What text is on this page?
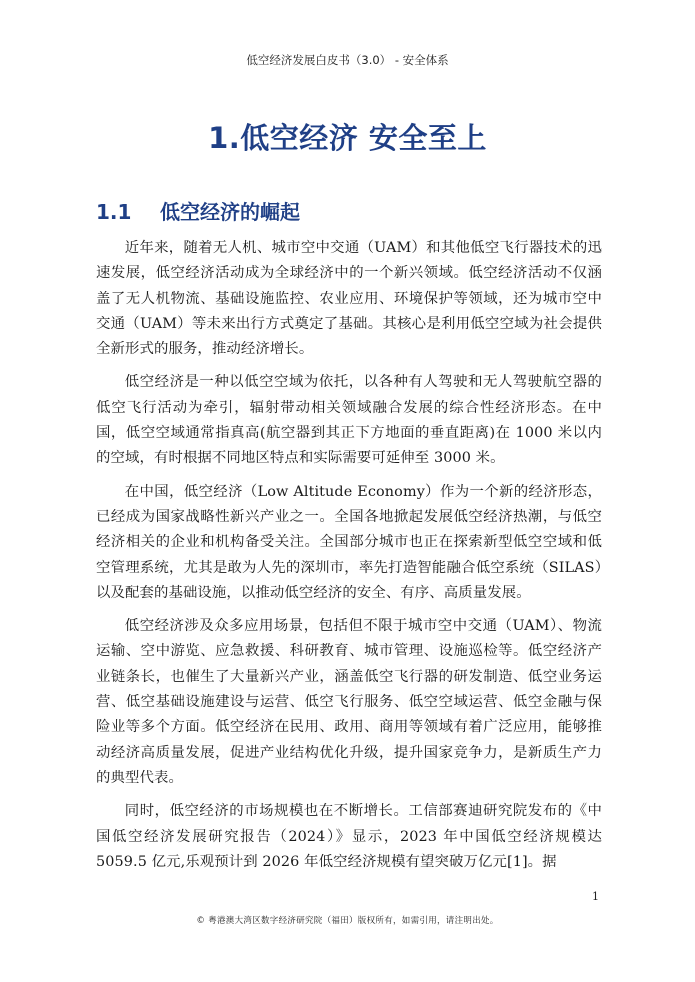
低空经济发展白皮书（3.0） - 安全体系
1.低空经济 安全至上
1.1 低空经济的崛起

近年来，随着无人机、城市空中交通（UAM）和其他低空飞行器技术的迅速发展，低空经济活动成为全球经济中的一个新兴领域。低空经济活动不仅涵盖了无人机物流、基础设施监控、农业应用、环境保护等领域，还为城市空中交通（UAM）等未来出行方式奠定了基础。其核心是利用低空空域为社会提供全新形式的服务，推动经济增长。

低空经济是一种以低空空域为依托，以各种有人驾驶和无人驾驶航空器的低空飞行活动为牵引，辐射带动相关领域融合发展的综合性经济形态。在中国，低空空域通常指真高(航空器到其正下方地面的垂直距离)在 1000 米以内的空域，有时根据不同地区特点和实际需要可延伸至 3000 米。

在中国，低空经济（Low Altitude Economy）作为一个新的经济形态，已经成为国家战略性新兴产业之一。全国各地掀起发展低空经济热潮，与低空经济相关的企业和机构备受关注。全国部分城市也正在探索新型低空空域和低空管理系统，尤其是敢为人先的深圳市，率先打造智能融合低空系统（SILAS）以及配套的基础设施，以推动低空经济的安全、有序、高质量发展。

低空经济涉及众多应用场景，包括但不限于城市空中交通（UAM）、物流运输、空中游览、应急救援、科研教育、城市管理、设施巡检等。低空经济产业链条长，也催生了大量新兴产业，涵盖低空飞行器的研发制造、低空业务运营、低空基础设施建设与运营、低空飞行服务、低空空域运营、低空金融与保险业等多个方面。低空经济在民用、政用、商用等领域有着广泛应用，能够推动经济高质量发展，促进产业结构优化升级，提升国家竞争力，是新质生产力的典型代表。

同时，低空经济的市场规模也在不断增长。工信部赛迪研究院发布的《中国低空经济发展研究报告（2024）》显示，2023 年中国低空经济规模达 5059.5 亿元,乐观预计到 2026 年低空经济规模有望突破万亿元[1]。据

1
© 粤港澳大湾区数字经济研究院（福田）版权所有，如需引用，请注明出处。
